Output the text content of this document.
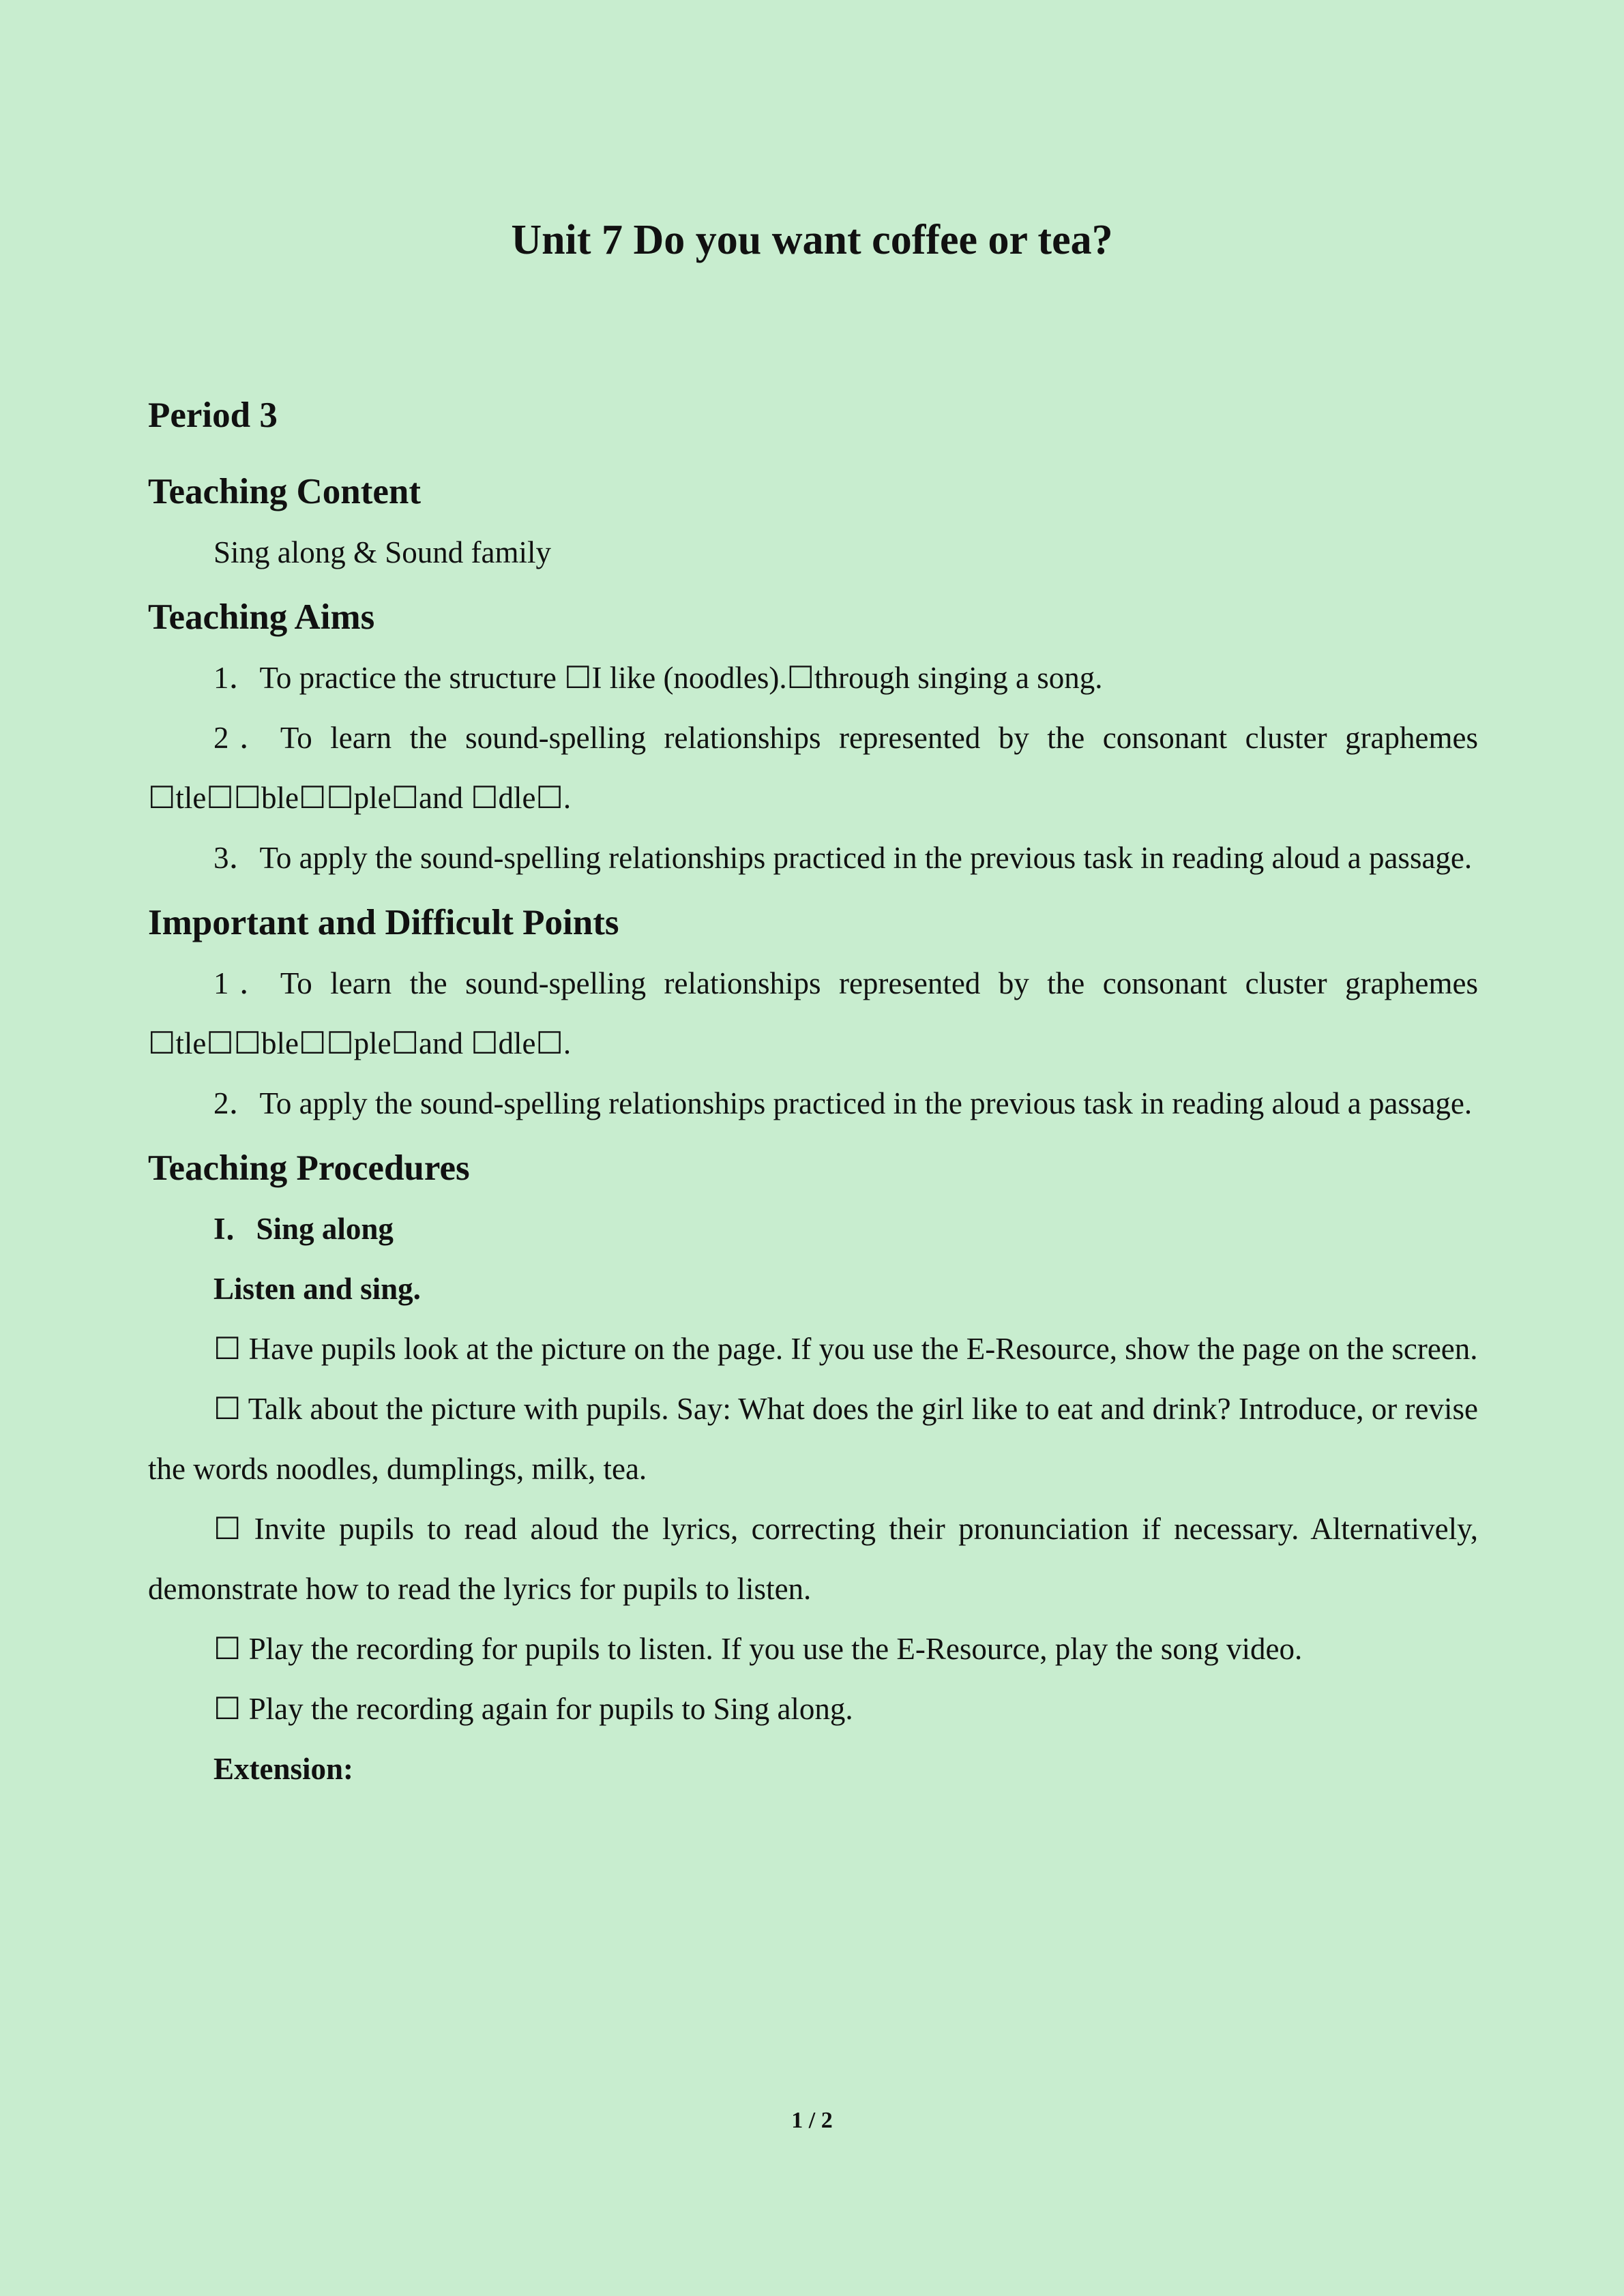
Unit 7 Do you want coffee or tea?
Period 3
Teaching Content
Sing along & Sound family
Teaching Aims
1．To practice the structure ☐I like (noodles).☐through singing a song.
2．To learn the sound-spelling relationships represented by the consonant cluster graphemes ☐tle☐☐ble☐☐ple☐and ☐dle☐.
3．To apply the sound-spelling relationships practiced in the previous task in reading aloud a passage.
Important and Difficult Points
1．To learn the sound-spelling relationships represented by the consonant cluster graphemes ☐tle☐☐ble☐☐ple☐and ☐dle☐.
2．To apply the sound-spelling relationships practiced in the previous task in reading aloud a passage.
Teaching Procedures
I．Sing along
Listen and sing.
☐ Have pupils look at the picture on the page. If you use the E-Resource, show the page on the screen.
☐ Talk about the picture with pupils. Say: What does the girl like to eat and drink? Introduce, or revise the words noodles, dumplings, milk, tea.
☐ Invite pupils to read aloud the lyrics, correcting their pronunciation if necessary. Alternatively, demonstrate how to read the lyrics for pupils to listen.
☐ Play the recording for pupils to listen. If you use the E-Resource, play the song video.
☐ Play the recording again for pupils to Sing along.
Extension:
1 / 2
